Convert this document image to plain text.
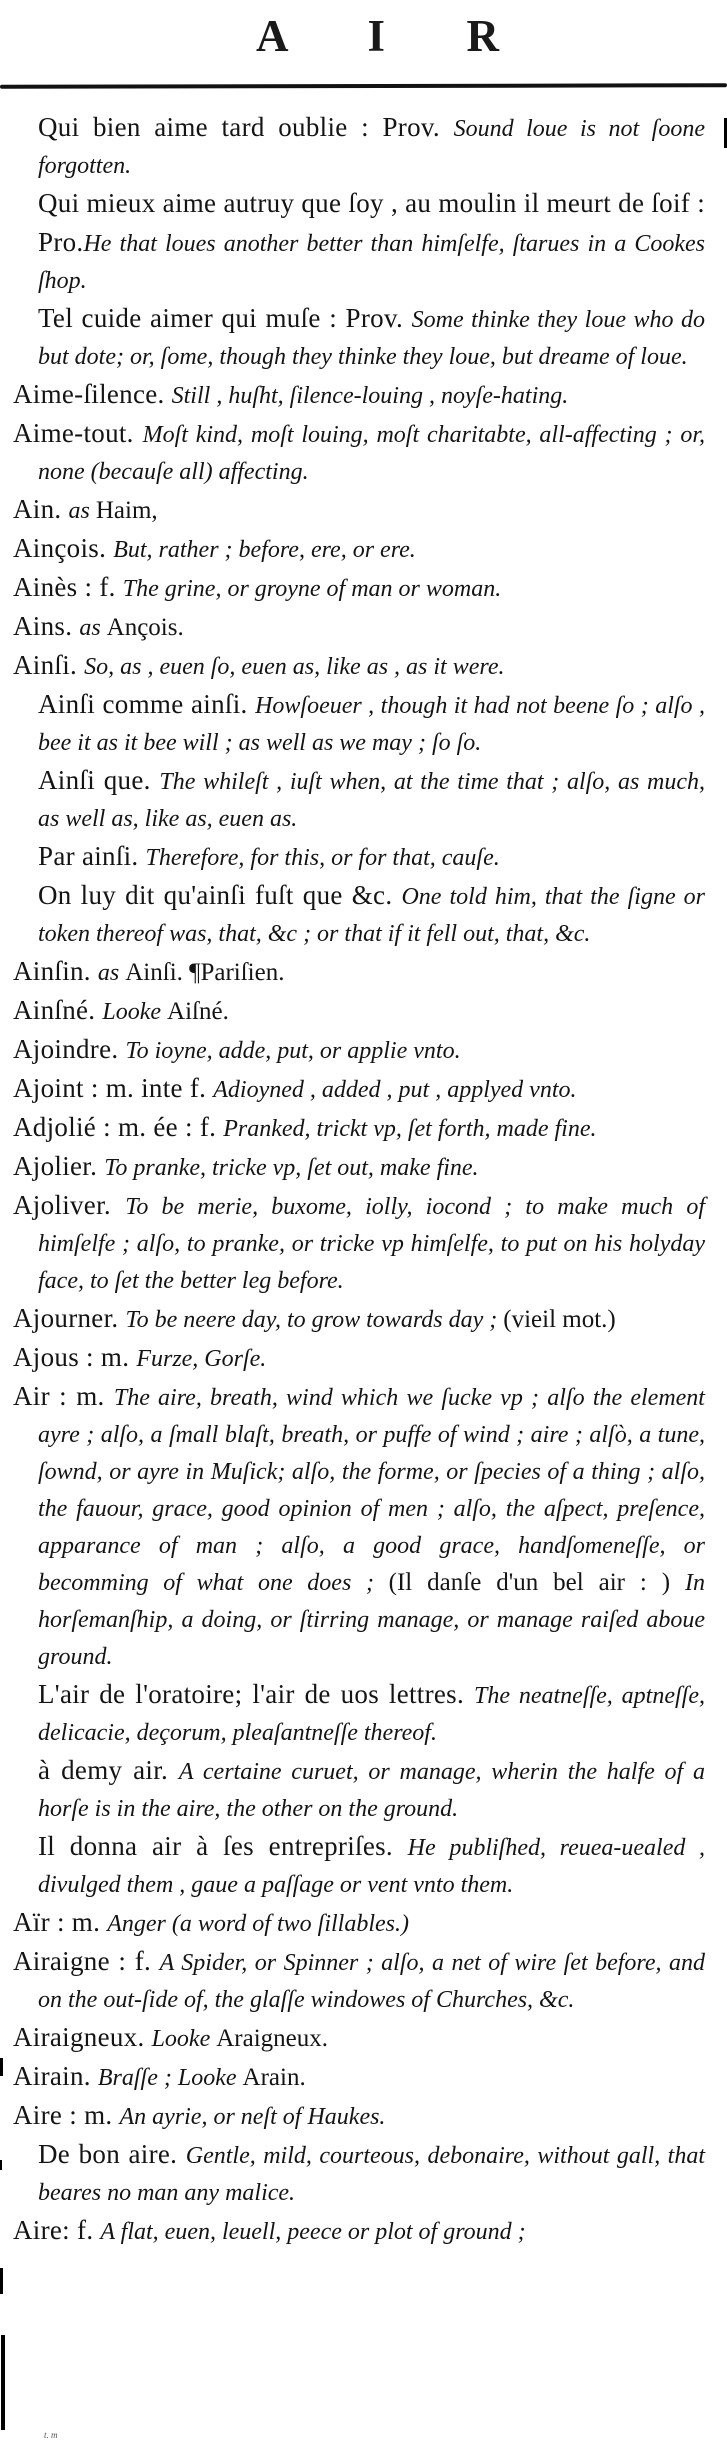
A I R

Qui bien aime tard oublie : Prov. Sound loue is not ſoone forgotten.

Qui mieux aime autruy que ſoy , au moulin il meurt de ſoif : Pro.He that loues another better than himſelfe, ſtarues in a Cookes ſhop.

Tel cuide aimer qui muſe : Prov. Some thinke they loue who do but dote; or, ſome, though they thinke they loue, but dreame of loue.

Aime-ſilence. Still , huſht, ſilence-louing , noyſe-hating.

Aime-tout. Moſt kind, moſt louing, moſt charitabte, all-affecting ; or, none (becauſe all) affecting.

Ain. as Haim,

Ainçois. But, rather ; before, ere, or ere.

Ainès : f. The grine, or groyne of man or woman.

Ains. as Ançois.

Ainſi. So, as , euen ſo, euen as, like as , as it were.

Ainſi comme ainſi. Howſoeuer , though it had not beene ſo ; alſo , bee it as it bee will ; as well as we may ; ſo ſo.

Ainſi que. The whileſt , iuſt when, at the time that ; alſo, as much, as well as, like as, euen as.

Par ainſi. Therefore, for this, or for that, cauſe.

On luy dit qu'ainſi fuſt que &c. One told him, that the ſigne or token thereof was, that, &c ; or that if it fell out, that, &c.

Ainſin. as Ainſi. ¶Pariſien.

Ainſné. Looke Aiſné.

Ajoindre. To ioyne, adde, put, or applie vnto.

Ajoint : m. inte f. Adioyned , added , put , applyed vnto.

Adjolié : m. ée : f. Pranked, trickt vp, ſet forth, made fine.

Ajolier. To pranke, tricke vp, ſet out, make fine.

Ajoliver. To be merie, buxome, iolly, iocond ; to make much of himſelfe ; alſo, to pranke, or tricke vp himſelfe, to put on his holyday face, to ſet the better leg before.

Ajourner. To be neere day, to grow towards day ; (vieil mot.)

Ajous : m. Furze, Gorſe.

Air : m. The aire, breath, wind which we ſucke vp ; alſo the element ayre ; alſo, a ſmall blaſt, breath, or puffe of wind ; aire ; alſò, a tune, ſownd, or ayre in Muſick; alſo, the forme, or ſpecies of a thing ; alſo, the fauour, grace, good opinion of men ; alſo, the aſpect, preſence, apparance of man ; alſo, a good grace, handſomeneſſe, or becomming of what one does ; (Il danſe d'un bel air : ) In horſemanſhip, a doing, or ſtirring manage, or manage raiſed aboue ground.

L'air de l'oratoire; l'air de uos lettres. The neatneſſe, aptneſſe, delicacie, deçorum, pleaſantneſſe thereof.

à demy air. A certaine curuet, or manage, wherin the halfe of a horſe is in the aire, the other on the ground.

Il donna air à ſes entrepriſes. He publiſhed, reuea-uealed , divulged them , gaue a paſſage or vent vnto them.

Aïr : m. Anger (a word of two ſillables.)

Airaigne : f. A Spider, or Spinner ; alſo, a net of wire ſet before, and on the out-ſide of, the glaſſe windowes of Churches, &c.

Airaigneux. Looke Araigneux.

Airain. Braſſe ; Looke Arain.

Aire : m. An ayrie, or neſt of Haukes.

De bon aire. Gentle, mild, courteous, debonaire, without gall, that beares no man any malice.

Aire: f. A flat, euen, leuell, peece or plot of ground ;

t. m
